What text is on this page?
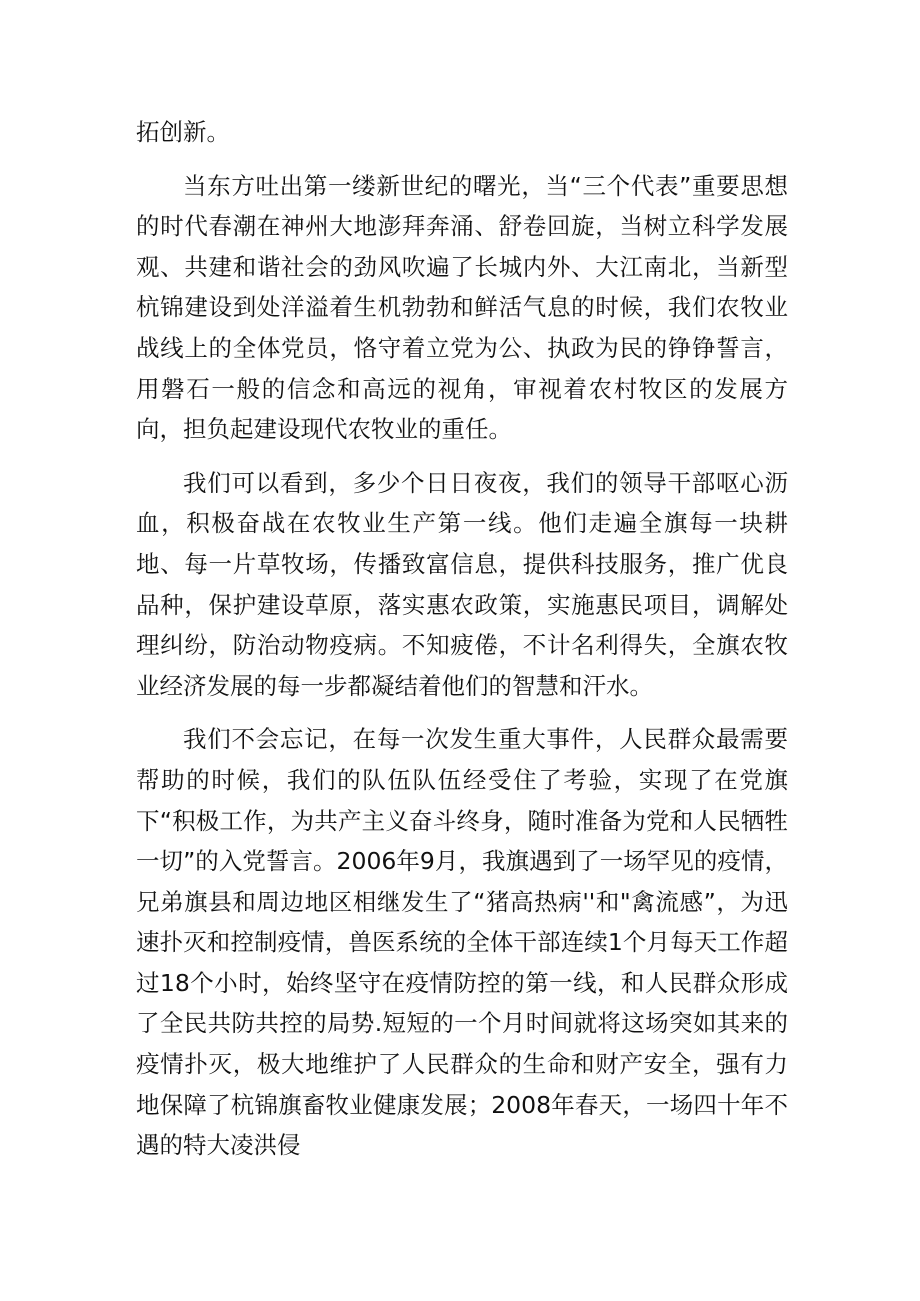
拓创新。

当东方吐出第一缕新世纪的曙光，当“三个代表”重要思想的时代春潮在神州大地澎拜奔涌、舒卷回旋，当树立科学发展观、共建和谐社会的劲风吹遍了长城内外、大江南北，当新型杭锦建设到处洋溢着生机勃勃和鲜活气息的时候，我们农牧业战线上的全体党员，恪守着立党为公、执政为民的铮铮誓言，用磐石一般的信念和高远的视角，审视着农村牧区的发展方向，担负起建设现代农牧业的重任。

我们可以看到，多少个日日夜夜，我们的领导干部呕心沥血，积极奋战在农牧业生产第一线。他们走遍全旗每一块耕地、每一片草牧场，传播致富信息，提供科技服务，推广优良品种，保护建设草原，落实惠农政策，实施惠民项目，调解处理纠纷，防治动物疫病。不知疲倦，不计名利得失，全旗农牧业经济发展的每一步都凝结着他们的智慧和汗水。

我们不会忘记，在每一次发生重大事件，人民群众最需要帮助的时候，我们的队伍队伍经受住了考验，实现了在党旗下“积极工作，为共产主义奋斗终身，随时准备为党和人民牺牲一切”的入党誓言。2006年9月，我旗遇到了一场罕见的疫情，兄弟旗县和周边地区相继发生了“猪高热病''和"禽流感”，为迅速扑灭和控制疫情，兽医系统的全体干部连续1个月每天工作超过18个小时，始终坚守在疫情防控的第一线，和人民群众形成了全民共防共控的局势.短短的一个月时间就将这场突如其来的疫情扑灭，极大地维护了人民群众的生命和财产安全，强有力地保障了杭锦旗畜牧业健康发展；2008年春天，一场四十年不遇的特大凌洪侵
